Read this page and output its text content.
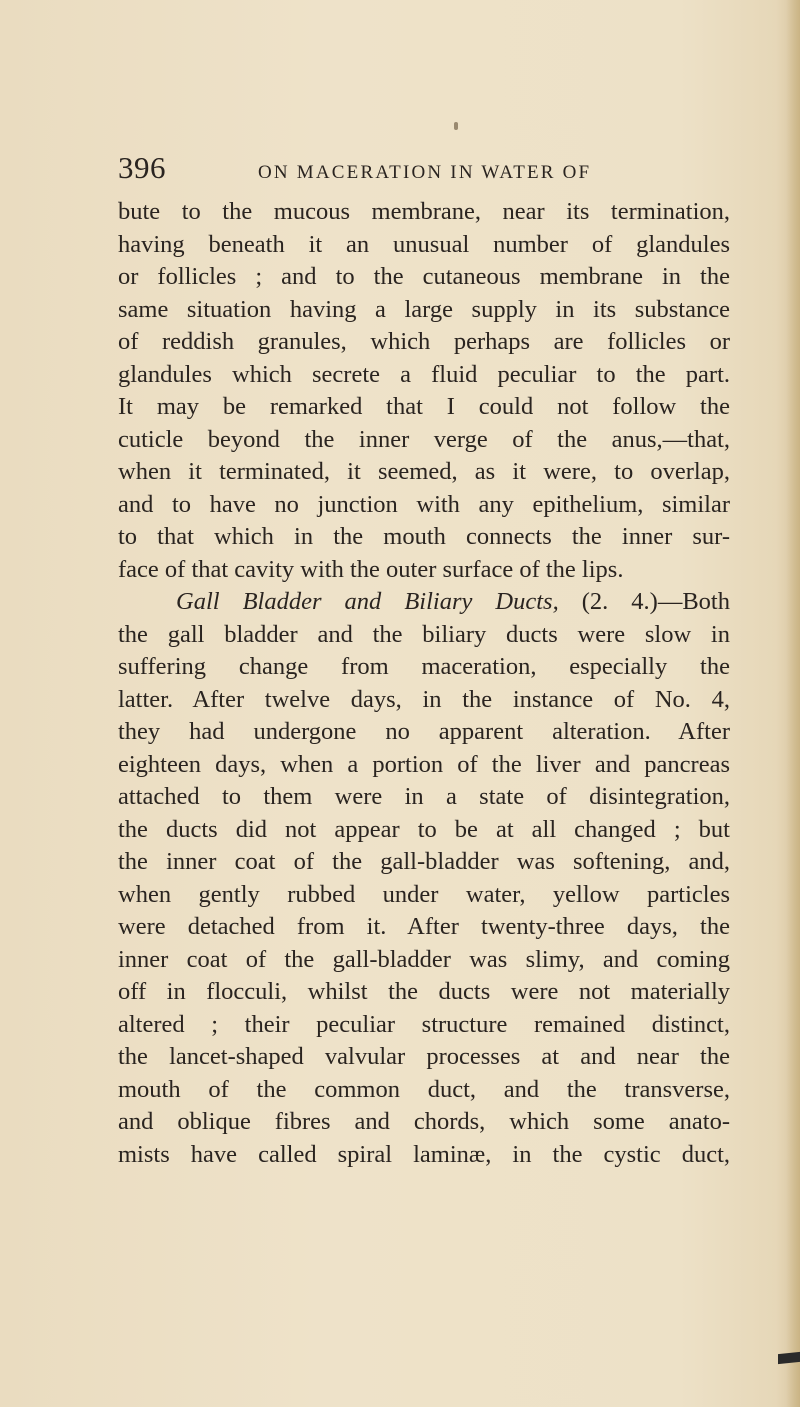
396	ON MACERATION IN WATER OF
bute to the mucous membrane, near its termination,
having beneath it an unusual number of glandules
or follicles ; and to the cutaneous membrane in the
same situation having a large supply in its substance
of reddish granules, which perhaps are follicles or
glandules which secrete a fluid peculiar to the part.
It may be remarked that I could not follow the
cuticle beyond the inner verge of the anus,—that,
when it terminated, it seemed, as it were, to overlap,
and to have no junction with any epithelium, similar
to that which in the mouth connects the inner sur-
face of that cavity with the outer surface of the lips.
Gall Bladder and Biliary Ducts, (2. 4.)—Both
the gall bladder and the biliary ducts were slow in
suffering change from maceration, especially the
latter. After twelve days, in the instance of No. 4,
they had undergone no apparent alteration. After
eighteen days, when a portion of the liver and pancreas
attached to them were in a state of disintegration,
the ducts did not appear to be at all changed ; but
the inner coat of the gall-bladder was softening, and,
when gently rubbed under water, yellow particles
were detached from it. After twenty-three days, the
inner coat of the gall-bladder was slimy, and coming
off in flocculi, whilst the ducts were not materially
altered ; their peculiar structure remained distinct,
the lancet-shaped valvular processes at and near the
mouth of the common duct, and the transverse,
and oblique fibres and chords, which some anato-
mists have called spiral laminæ, in the cystic duct,
